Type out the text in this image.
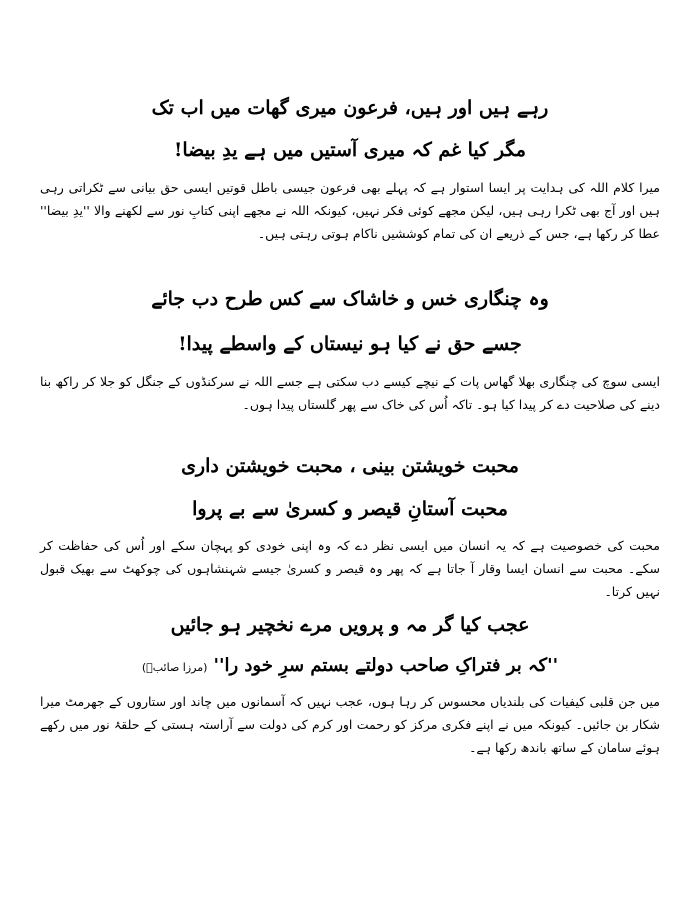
رہے ہیں اور ہیں، فرعون میری گھات میں اب تک
مگر کیا غم کہ میری آستیں میں ہے یدِ بیضا!

میرا کلام اللہ کی ہدایت پر ایسا استوار ہے کہ پہلے بھی فرعون جیسی باطل قوتیں ایسی حق بیانی سے ٹکراتی رہی ہیں اور آج بھی ٹکرا رہی ہیں، لیکن مجھے کوئی فکر نہیں، کیونکہ اللہ نے مجھے اپنی کتابِ نور سے لکھنے والا ''یدِ بیضا'' عطا کر رکھا ہے، جس کے ذریعے ان کی تمام کوششیں ناکام ہوتی رہتی ہیں۔

وہ چنگاری خس و خاشاک سے کس طرح دب جائے
جسے حق نے کیا ہو نیستاں کے واسطے پیدا!

ایسی سوچ کی چنگاری بھلا گھاس پات کے نیچے کیسے دب سکتی ہے جسے اللہ نے سرکنڈوں کے جنگل کو جلا کر راکھ بنا دینے کی صلاحیت دے کر پیدا کیا ہو۔ تاکہ اُس کی خاک سے پھر گلستاں پیدا ہوں۔

محبت خویشتن بینی ، محبت خویشتن داری
محبت آستانِ قیصر و کسریٰ سے بے پروا

محبت کی خصوصیت ہے کہ یہ انسان میں ایسی نظر دے کہ وہ اپنی خودی کو پہچان سکے اور اُس کی حفاظت کر سکے۔ محبت سے انسان ایسا وقار آ جاتا ہے کہ پھر وہ قیصر و کسریٰ جیسے شہنشاہوں کی چوکھٹ سے بھیک قبول نہیں کرتا۔

عجب کیا گر مہ و پرویں مرے نخچیر ہو جائیں
''کہ بر فتراکِ صاحب دولتے بستم سرِ خود را''(مرزا صائبؔ)

میں جن قلبی کیفیات کی بلندیاں محسوس کر رہا ہوں، عجب نہیں کہ آسمانوں میں چاند اور ستاروں کے جھرمٹ میرا شکار بن جائیں۔ کیونکہ میں نے اپنے فکری مرکز کو رحمت اور کرم کی دولت سے آراستہ ہستی کے حلقۂ نور میں رکھے ہوئے سامان کے ساتھ باندھ رکھا ہے۔
